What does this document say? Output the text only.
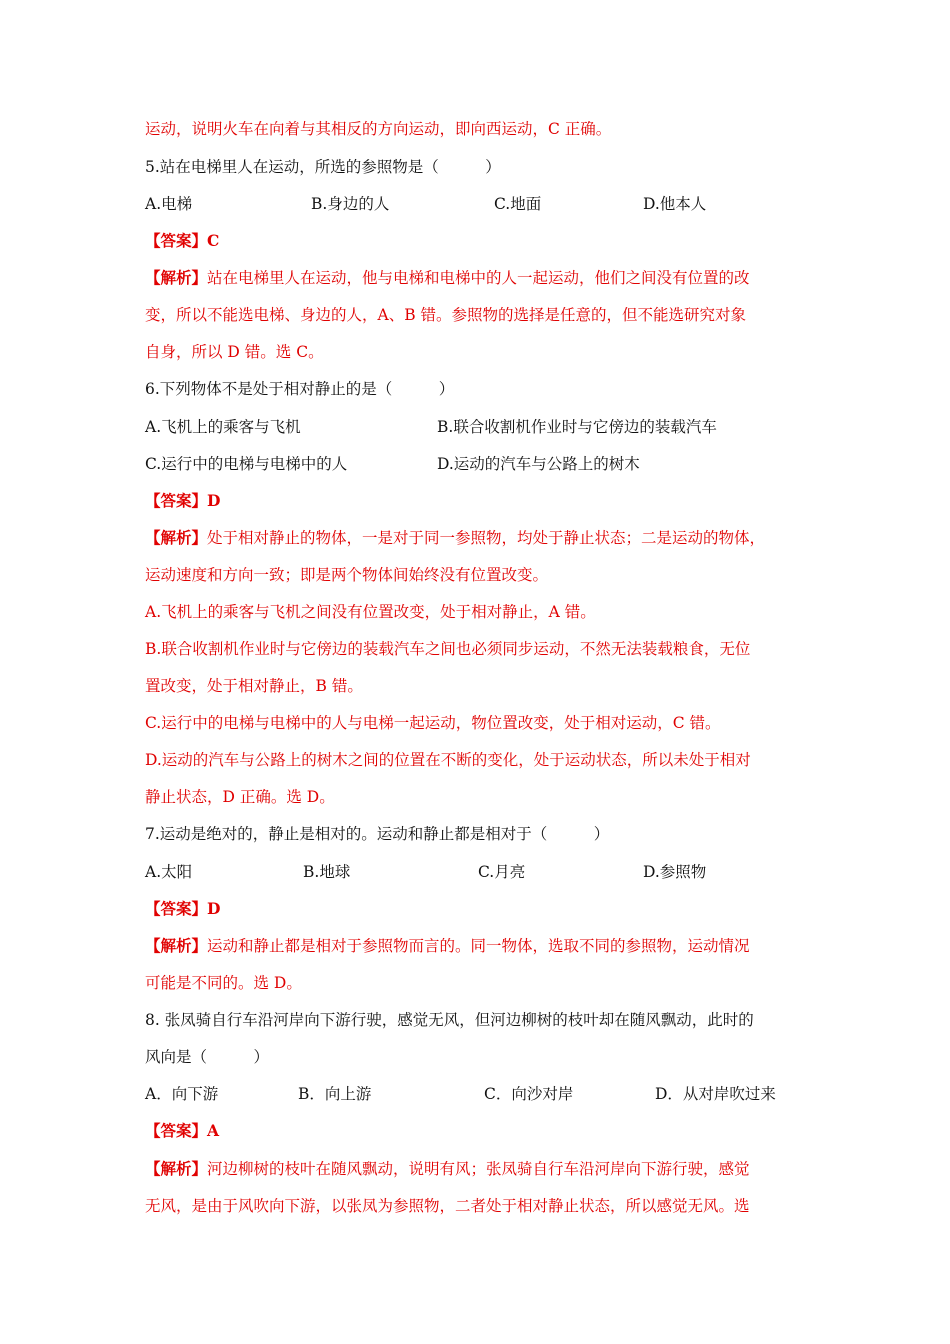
运动，说明火车在向着与其相反的方向运动，即向西运动，C 正确。
5.站在电梯里人在运动，所选的参照物是（　　　）
A.电梯	B.身边的人	C.地面	D.他本人
【答案】C
【解析】站在电梯里人在运动，他与电梯和电梯中的人一起运动，他们之间没有位置的改
变，所以不能选电梯、身边的人，A、B 错。参照物的选择是任意的，但不能选研究对象
自身，所以 D 错。选 C。
6.下列物体不是处于相对静止的是（　　　）
A.飞机上的乘客与飞机	B.联合收割机作业时与它傍边的装载汽车
C.运行中的电梯与电梯中的人	D.运动的汽车与公路上的树木
【答案】D
【解析】处于相对静止的物体，一是对于同一参照物，均处于静止状态；二是运动的物体，
运动速度和方向一致；即是两个物体间始终没有位置改变。
A.飞机上的乘客与飞机之间没有位置改变，处于相对静止，A 错。
B.联合收割机作业时与它傍边的装载汽车之间也必须同步运动，不然无法装载粮食，无位
置改变，处于相对静止，B 错。
C.运行中的电梯与电梯中的人与电梯一起运动，物位置改变，处于相对运动，C 错。
D.运动的汽车与公路上的树木之间的位置在不断的变化，处于运动状态，所以未处于相对
静止状态，D 正确。选 D。
7.运动是绝对的，静止是相对的。运动和静止都是相对于（　　　）
A.太阳	B.地球	C.月亮	D.参照物
【答案】D
【解析】运动和静止都是相对于参照物而言的。同一物体，选取不同的参照物，运动情况
可能是不同的。选 D。
8. 张凤骑自行车沿河岸向下游行驶，感觉无风，但河边柳树的枝叶却在随风飘动，此时的
风向是（　　　）
A．向下游	B．向上游	C．向沙对岸	D．从对岸吹过来
【答案】A
【解析】河边柳树的枝叶在随风飘动，说明有风；张凤骑自行车沿河岸向下游行驶，感觉
无风，是由于风吹向下游，以张凤为参照物，二者处于相对静止状态，所以感觉无风。选
